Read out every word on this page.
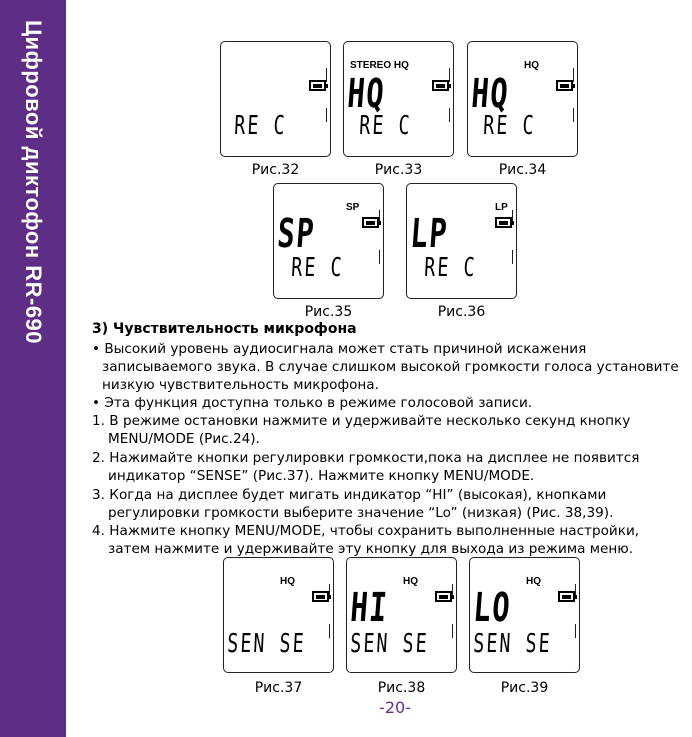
Цифровой диктофон RR-690	RE C
Рис.32
STEREO HQ
HQ
RE C
Рис.33
HQ
HQ
RE C
Рис.34
SP
SP
RE C
Рис.35
LP
LP
RE C
Рис.36
3) Чувствительность микрофона
• Высокий уровень аудиосигнала может стать причиной искажения
записываемого звука. В случае слишком высокой громкости голоса установите
низкую чувствительность микрофона.
• Эта функция доступна только в режиме голосовой записи.
1. В режиме остановки нажмите и удерживайте несколько секунд кнопку
MENU/MODE (Рис.24).
2. Нажимайте кнопки регулировки громкости,пока на дисплее не появится
индикатор “SENSE” (Рис.37). Нажмите кнопку MENU/MODE.
3. Когда на дисплее будет мигать индикатор “HI” (высокая), кнопками
регулировки громкости выберите значение “Lo” (низкая) (Рис. 38,39).
4. Нажмите кнопку MENU/MODE, чтобы сохранить выполненные настройки,
затем нажмите и удерживайте эту кнопку для выхода из режима меню.
HQ
SEN SE
Рис.37
HQ
HI
SEN SE
Рис.38
HQ
LO
SEN SE
Рис.39
-20-
